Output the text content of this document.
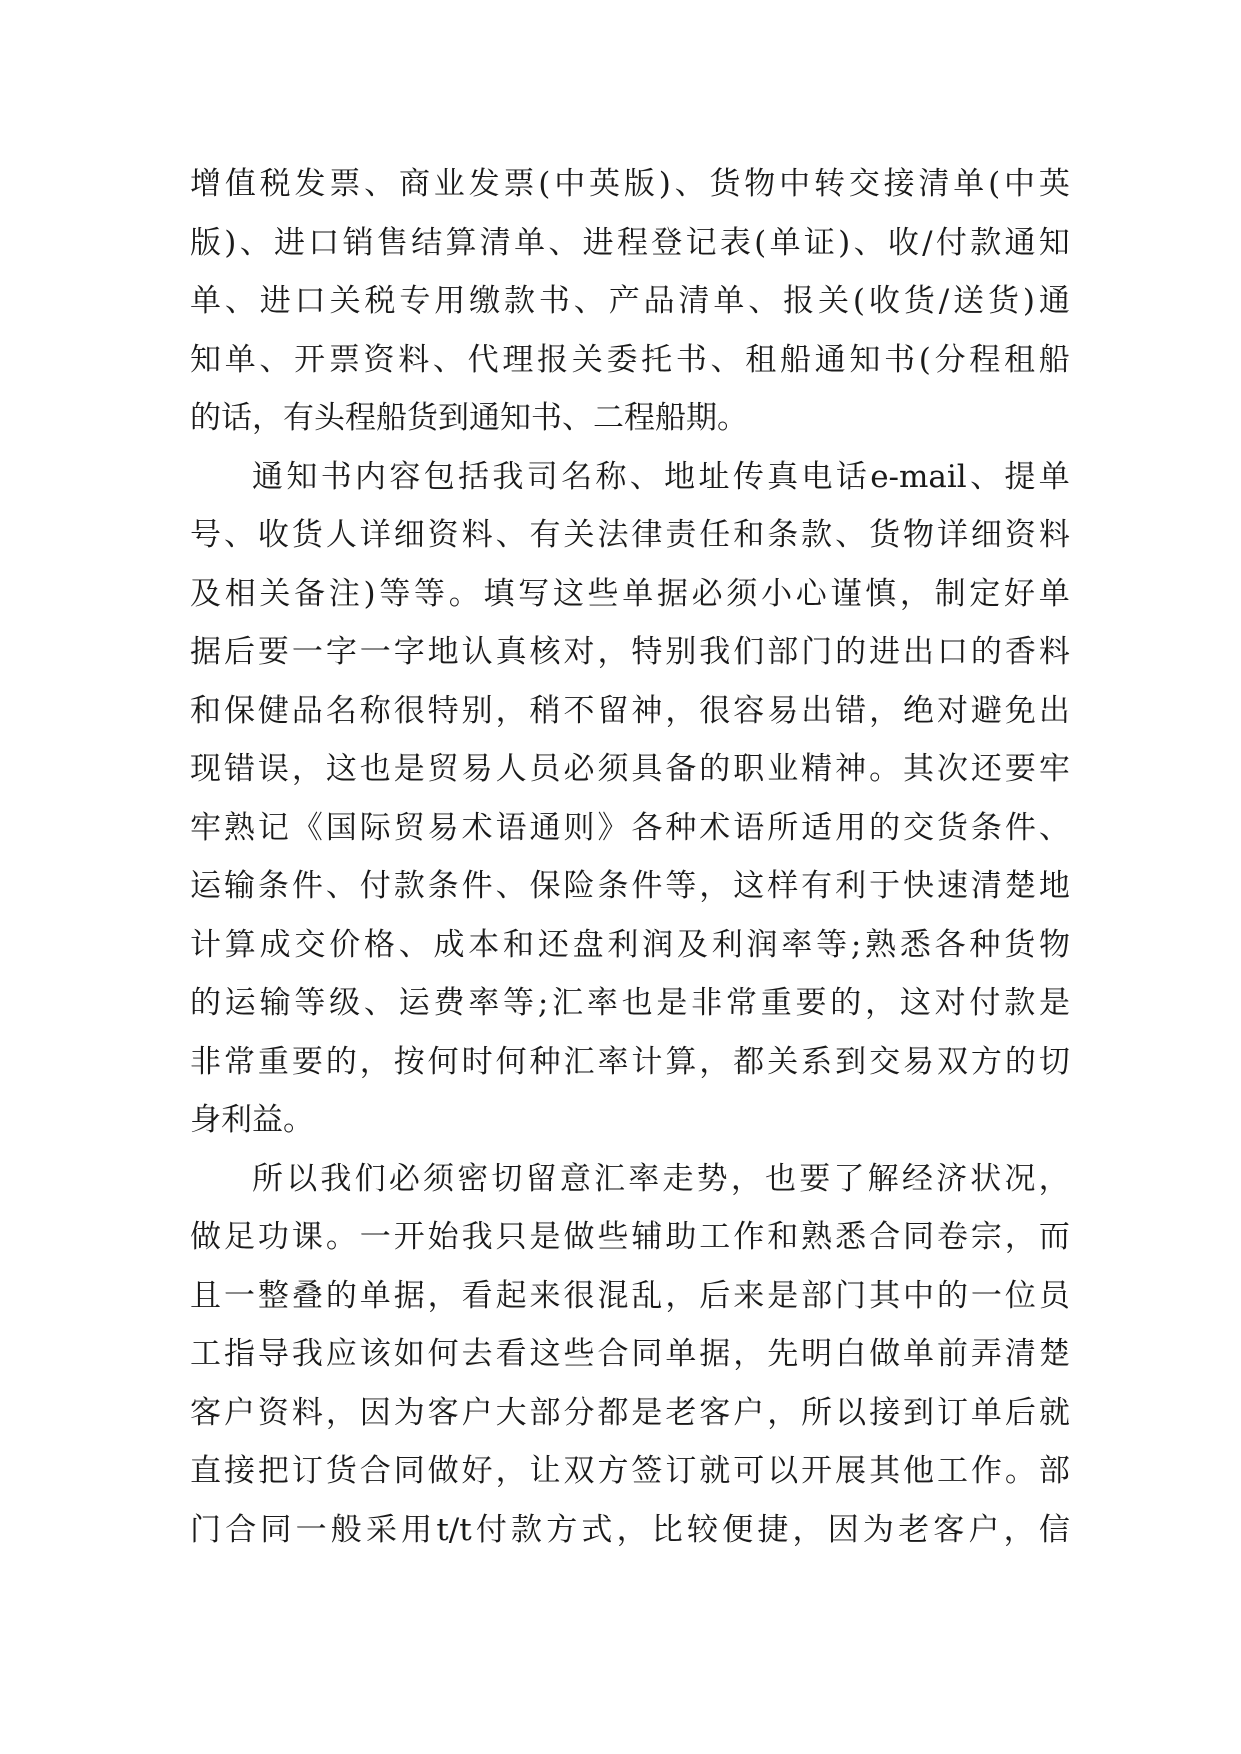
增 值 税 发 票 、 商 业 发 票 ( 中 英 版 ) 、 货 物 中 转 交 接 清 单 ( 中 英
版 ) 、 进 口 销 售 结 算 清 单 、 进 程 登 记 表 ( 单 证 ) 、 收 / 付 款 通 知
单 、 进 口 关 税 专 用 缴 款 书 、 产 品 清 单 、 报 关 ( 收 货 / 送 货 ) 通
知 单 、 开 票 资 料 、 代 理 报 关 委 托 书 、 租 船 通 知 书 ( 分 程 租 船
的话，有头程船货到通知书、二程船期。
通 知 书 内 容 包 括 我 司 名 称 、 地 址 传 真 电 话 e-mail 、 提 单
号 、 收 货 人 详 细 资 料 、 有 关 法 律 责 任 和 条 款 、 货 物 详 细 资 料
及 相 关 备 注 ) 等 等 。 填 写 这 些 单 据 必 须 小 心 谨 慎 ， 制 定 好 单
据 后 要 一 字 一 字 地 认 真 核 对 ， 特 别 我 们 部 门 的 进 出 口 的 香 料
和 保 健 品 名 称 很 特 别 ， 稍 不 留 神 ， 很 容 易 出 错 ， 绝 对 避 免 出
现 错 误 ， 这 也 是 贸 易 人 员 必 须 具 备 的 职 业 精 神 。 其 次 还 要 牢
牢 熟 记 《 国 际 贸 易 术 语 通 则 》 各 种 术 语 所 适 用 的 交 货 条 件 、
运 输 条 件 、 付 款 条 件 、 保 险 条 件 等 ， 这 样 有 利 于 快 速 清 楚 地
计 算 成 交 价 格 、 成 本 和 还 盘 利 润 及 利 润 率 等 ; 熟 悉 各 种 货 物
的 运 输 等 级 、 运 费 率 等 ; 汇 率 也 是 非 常 重 要 的 ， 这 对 付 款 是
非 常 重 要 的 ， 按 何 时 何 种 汇 率 计 算 ， 都 关 系 到 交 易 双 方 的 切
身利益。
所 以 我 们 必 须 密 切 留 意 汇 率 走 势 ， 也 要 了 解 经 济 状 况 ，
做 足 功 课 。 一 开 始 我 只 是 做 些 辅 助 工 作 和 熟 悉 合 同 卷 宗 ， 而
且 一 整 叠 的 单 据 ， 看 起 来 很 混 乱 ， 后 来 是 部 门 其 中 的 一 位 员
工 指 导 我 应 该 如 何 去 看 这 些 合 同 单 据 ， 先 明 白 做 单 前 弄 清 楚
客 户 资 料 ， 因 为 客 户 大 部 分 都 是 老 客 户 ， 所 以 接 到 订 单 后 就
直 接 把 订 货 合 同 做 好 ， 让 双 方 签 订 就 可 以 开 展 其 他 工 作 。 部
门 合 同 一 般 采 用 t/t 付 款 方 式 ， 比 较 便 捷 ， 因 为 老 客 户 ， 信
